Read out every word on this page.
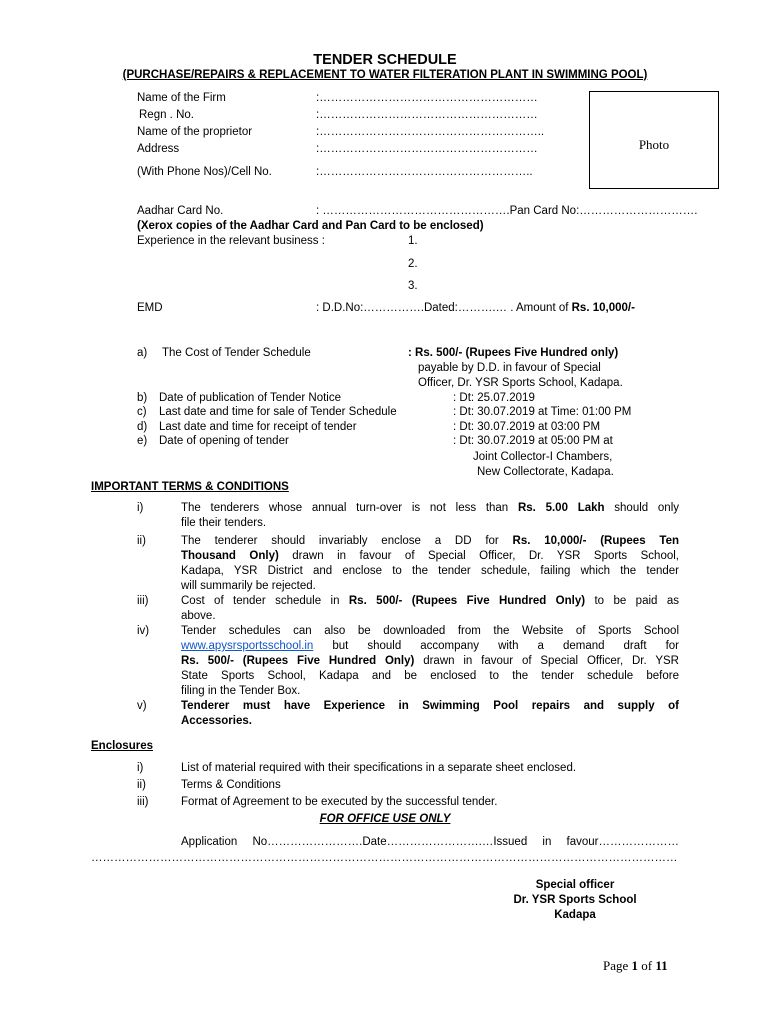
TENDER SCHEDULE
(PURCHASE/REPAIRS & REPLACEMENT TO WATER FILTERATION PLANT IN SWIMMING POOL)
Photo
Name of the Firm	:…………………………………………………
Regn . No.	:…………………………………………………
Name of the proprietor	:…………………………………………………..
Address	:…………………………………………………
(With Phone Nos)/Cell No.	:………………………………………………..
Aadhar Card No.	: ………………………………………….Pan Card No:………………………….
(Xerox copies of the Aadhar Card and Pan Card to be enclosed)
Experience in the relevant business :	1.
2.
3.
EMD	: D.D.No:…………….Dated:……….… . Amount of Rs. 10,000/-
a) The Cost of Tender Schedule	: Rs. 500/- (Rupees Five Hundred only)
payable by D.D. in favour of Special
Officer, Dr. YSR Sports School, Kadapa.
b) Date of publication of Tender Notice	: Dt: 25.07.2019
c) Last date and time for sale of Tender Schedule	: Dt: 30.07.2019 at Time: 01:00 PM
d) Last date and time for receipt of tender	: Dt: 30.07.2019 at 03:00 PM
e) Date of opening of tender	: Dt: 30.07.2019 at 05:00 PM at
Joint Collector-I Chambers,
New Collectorate, Kadapa.
IMPORTANT TERMS & CONDITIONS
i)	The tenderers whose annual turn-over is not less than Rs. 5.00 Lakh should only
file their tenders.
ii)	The tenderer should invariably enclose a DD for Rs. 10,000/- (Rupees Ten
Thousand Only) drawn in favour of Special Officer, Dr. YSR Sports School,
Kadapa, YSR District and enclose to the tender schedule, failing which the tender
will summarily be rejected.
iii)	Cost of tender schedule in Rs. 500/- (Rupees Five Hundred Only) to be paid as
above.
iv)	Tender schedules can also be downloaded from the Website of Sports School
www.apysrsportsschool.in but should accompany with a demand draft for
Rs. 500/- (Rupees Five Hundred Only) drawn in favour of Special Officer, Dr. YSR
State Sports School, Kadapa and be enclosed to the tender schedule before
filing in the Tender Box.
v)	Tenderer must have Experience in Swimming Pool repairs and supply of
Accessories.
Enclosures
i)	List of material required with their specifications in a separate sheet enclosed.
ii)	Terms & Conditions
iii)	Format of Agreement to be executed by the successful tender.
FOR OFFICE USE ONLY
Application No…………………….Date…………………….…Issued in favour…………………
………………………………………………………………………………………………………………………………………
Special officer
Dr. YSR Sports School
Kadapa
Page 1 of 11
